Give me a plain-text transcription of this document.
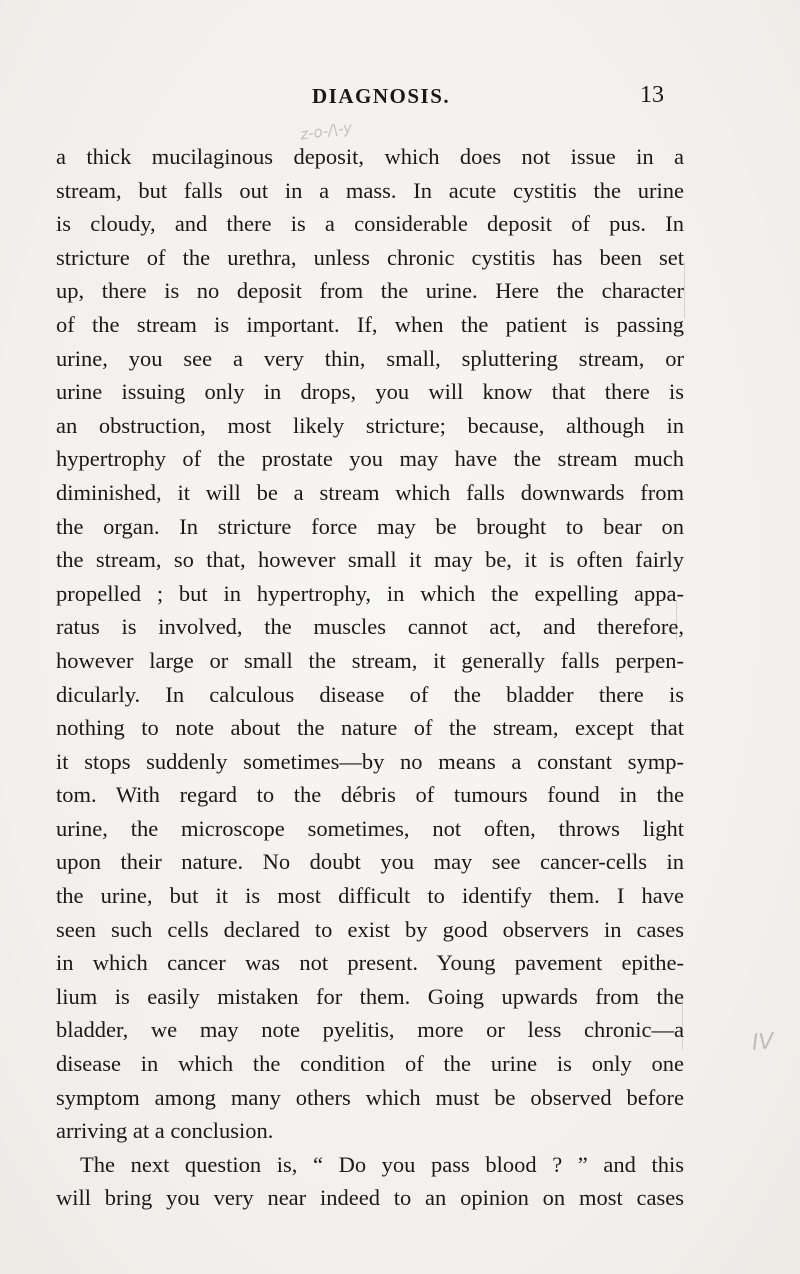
DIAGNOSIS.	13
z-o-/\-y
IV
a thick mucilaginous deposit, which does not issue in a
stream, but falls out in a mass. In acute cystitis the urine
is cloudy, and there is a considerable deposit of pus. In
stricture of the urethra, unless chronic cystitis has been set
up, there is no deposit from the urine. Here the character
of the stream is important. If, when the patient is passing
urine, you see a very thin, small, spluttering stream, or
urine issuing only in drops, you will know that there is
an obstruction, most likely stricture; because, although in
hypertrophy of the prostate you may have the stream much
diminished, it will be a stream which falls downwards from
the organ. In stricture force may be brought to bear on
the stream, so that, however small it may be, it is often fairly
propelled ; but in hypertrophy, in which the expelling appa-
ratus is involved, the muscles cannot act, and therefore,
however large or small the stream, it generally falls perpen-
dicularly. In calculous disease of the bladder there is
nothing to note about the nature of the stream, except that
it stops suddenly sometimes—by no means a constant symp-
tom. With regard to the débris of tumours found in the
urine, the microscope sometimes, not often, throws light
upon their nature. No doubt you may see cancer-cells in
the urine, but it is most difficult to identify them. I have
seen such cells declared to exist by good observers in cases
in which cancer was not present. Young pavement epithe-
lium is easily mistaken for them. Going upwards from the
bladder, we may note pyelitis, more or less chronic—a
disease in which the condition of the urine is only one
symptom among many others which must be observed before
arriving at a conclusion.
The next question is, “ Do you pass blood ? ” and this
will bring you very near indeed to an opinion on most cases
